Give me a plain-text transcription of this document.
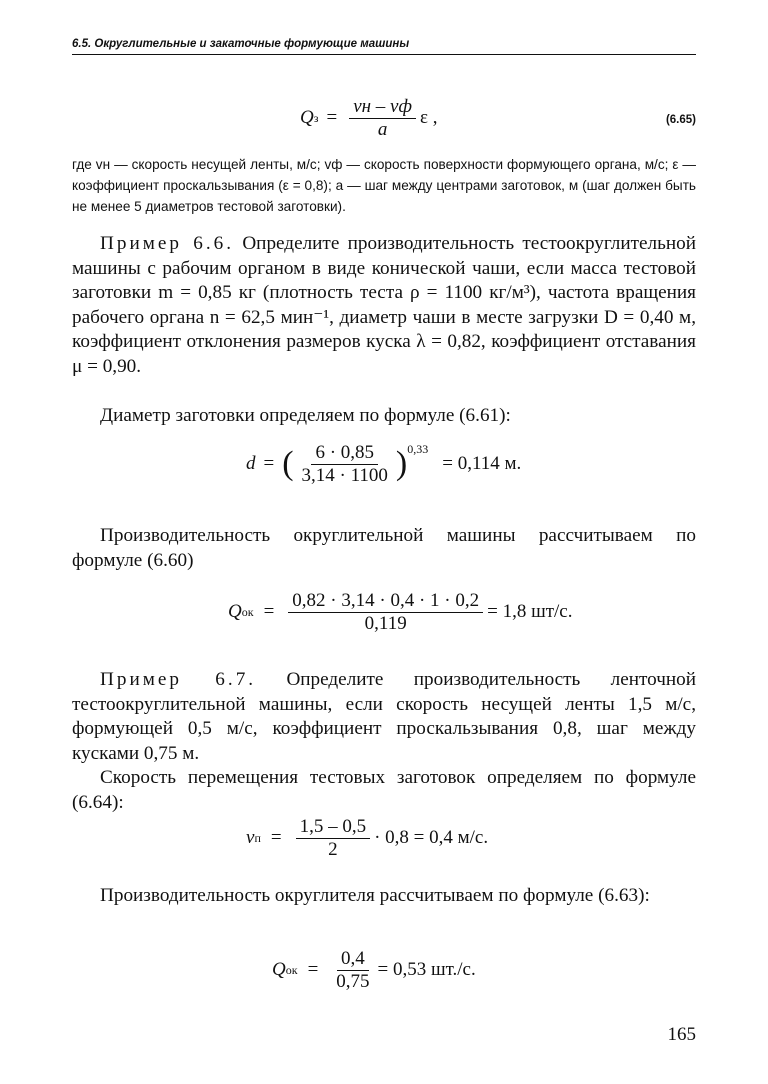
6.5. Округлительные и закаточные формующие машины
Q $з = \frac{vн - vф}{a}$ ε ,	(6.65)
где vн — скорость несущей ленты, м/с; vф — скорость поверхности формующего органа, м/с; ε — коэффициент проскальзывания (ε = 0,8); a — шаг между центрами заготовок, м (шаг должен быть не менее 5 диаметров тестовой заготовки).
Пример 6.6. Определите производительность тестоокруглительной машины с рабочим органом в виде конической чаши, если масса тестовой заготовки m = 0,85 кг (плотность теста ρ = 1100 кг/м³), частота вращения рабочего органа n = 62,5 мин⁻¹, диаметр чаши в месте загрузки D = 0,40 м, коэффициент отклонения размеров куска λ = 0,82, коэффициент отставания μ = 0,90.
Диаметр заготовки определяем по формуле (6.61):
d = ( $\frac{6 \cdot 0,85}{3,14 \cdot 1100} )^{0,33}$
= 0,114 м.
Производительность округлительной машины рассчитываем по формуле (6.60)
Q ок = $\frac{0,82 \cdot 3,14 \cdot 0,4 \cdot 1 \cdot 0,2}{0,119} = 1,8$ шт/с.
Пример 6.7. Определите производительность ленточной тестоокруглительной машины, если скорость несущей ленты 1,5 м/с, формующей 0,5 м/с, коэффициент проскальзывания 0,8, шаг между кусками 0,75 м.
Скорость перемещения тестовых заготовок определяем по формуле (6.64):
v $п = \frac{1,5 - 0,5}{2} \cdot 0,8 = 0,4$ м/с.
Производительность округлителя рассчитываем по формуле (6.63):
Q ок = $\frac{0,4}{0,75} = 0,53$ шт./с.
165
